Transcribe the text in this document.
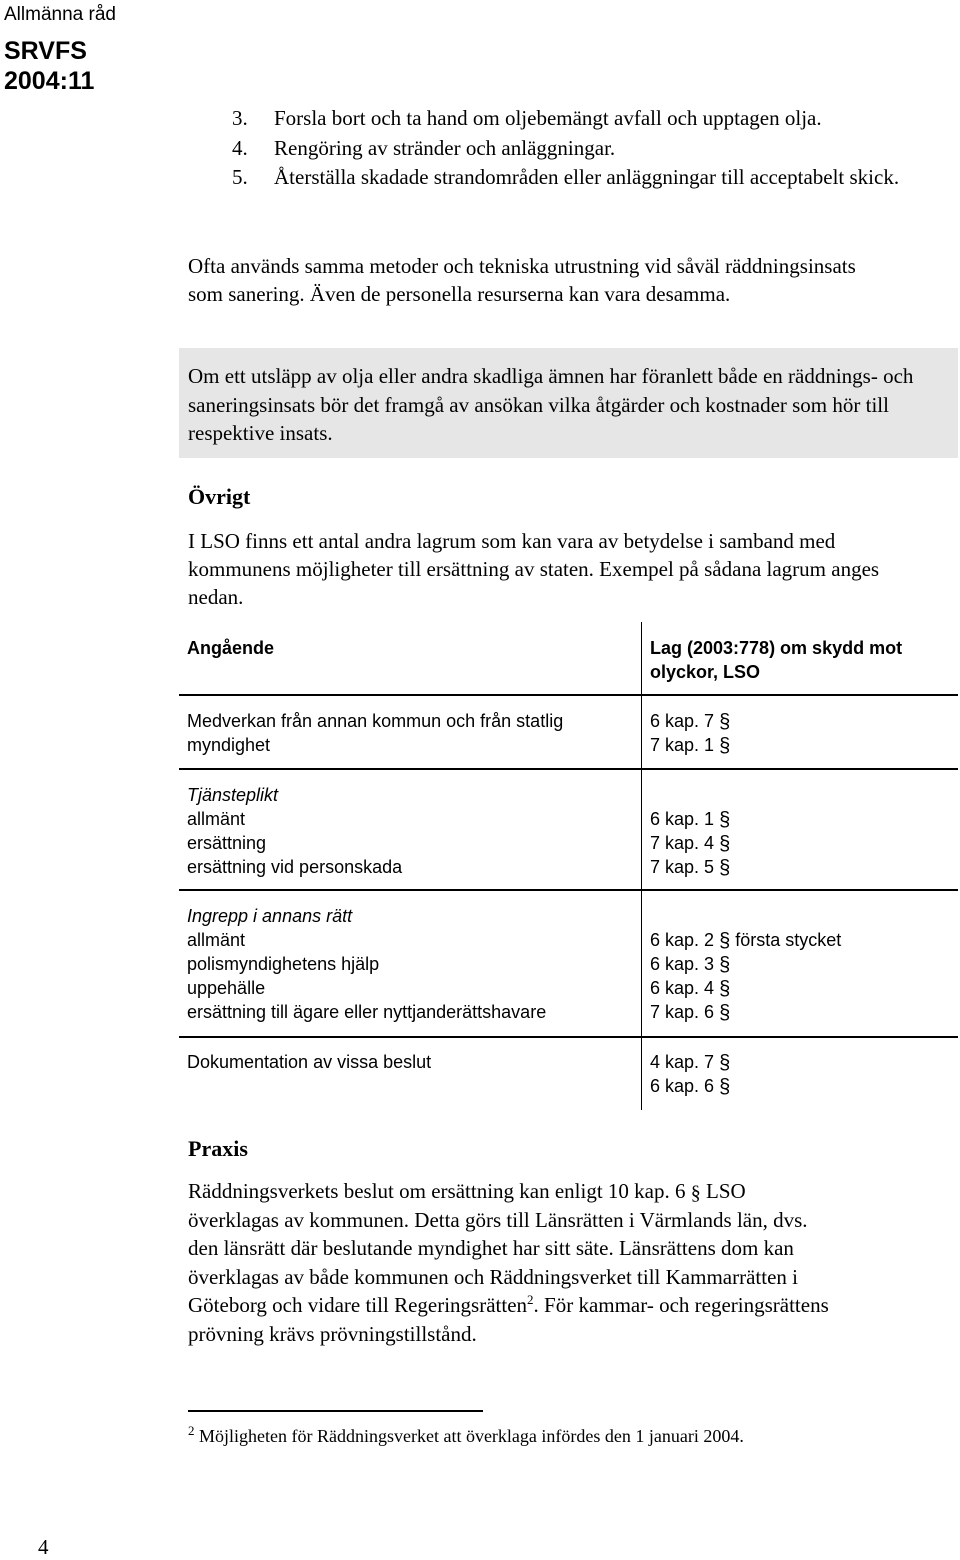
Allmänna råd
SRVFS
2004:11
3. Forsla bort och ta hand om oljebemängt avfall och upptagen olja.
4. Rengöring av stränder och anläggningar.
5. Återställa skadade strandområden eller anläggningar till acceptabelt skick.

Ofta används samma metoder och tekniska utrustning vid såväl räddningsinsats som sanering. Även de personella resurserna kan vara desamma.

Om ett utsläpp av olja eller andra skadliga ämnen har föranlett både en räddnings- och saneringsinsats bör det framgå av ansökan vilka åtgärder och kostnader som hör till respektive insats.

Övrigt

I LSO finns ett antal andra lagrum som kan vara av betydelse i samband med kommunens möjligheter till ersättning av staten. Exempel på sådana lagrum anges nedan.

Angående	Lag (2003:778) om skydd mot
olyckor, LSO
Medverkan från annan kommun och från statlig
myndighet
6 kap. 7 §
7 kap. 1 §
Tjänsteplikt
allmänt
ersättning
ersättning vid personskada
6 kap. 1 §
7 kap. 4 §
7 kap. 5 §
Ingrepp i annans rätt
allmänt
polismyndighetens hjälp
uppehälle
ersättning till ägare eller nyttjanderättshavare
6 kap. 2 § första stycket
6 kap. 3 §
6 kap. 4 §
7 kap. 6 §
Dokumentation av vissa beslut	4 kap. 7 §
6 kap. 6 §
Praxis
Räddningsverkets beslut om ersättning kan enligt 10 kap. 6 § LSO
överklagas av kommunen. Detta görs till Länsrätten i Värmlands län, dvs.
den länsrätt där beslutande myndighet har sitt säte. Länsrättens dom kan
överklagas av både kommunen och Räddningsverket till Kammarrätten i
Göteborg och vidare till Regeringsrätten$^2$. För kammar- och regeringsrättens
prövning krävs prövningstillstånd.
$^2$ Möjligheten för Räddningsverket att överklaga infördes den 1 januari 2004.
4
